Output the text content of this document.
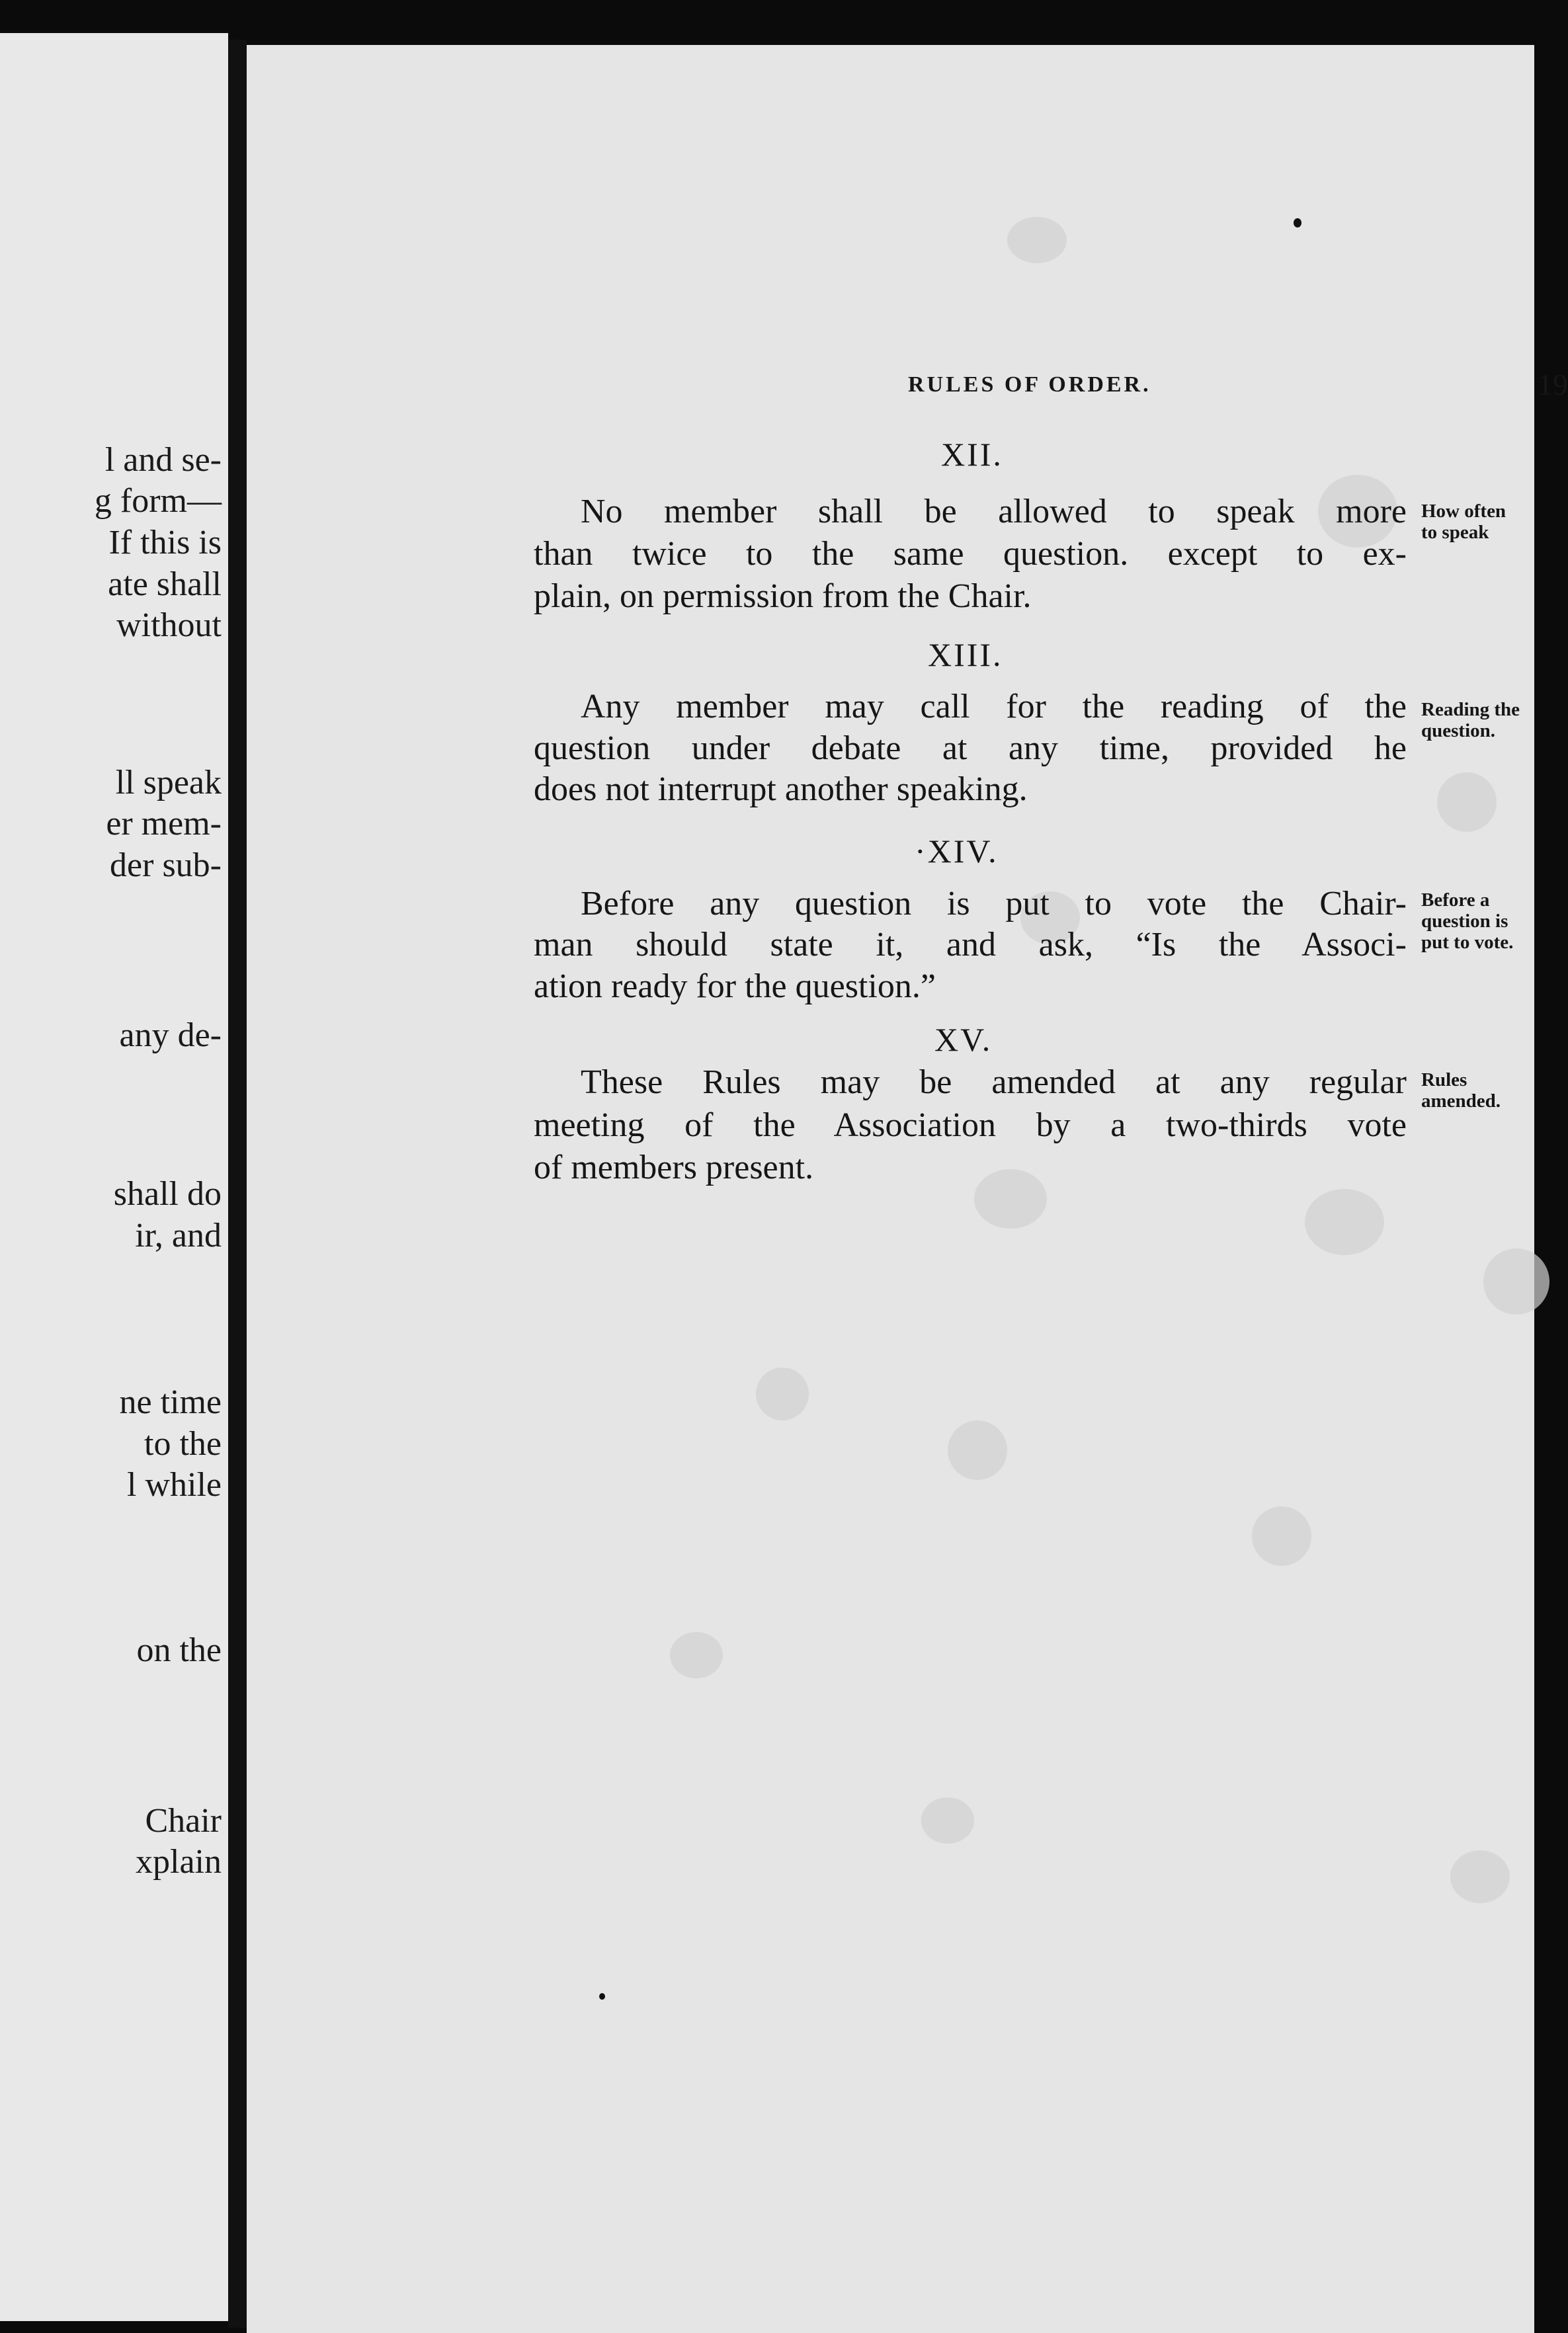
l and se-
g form—
If this is
ate shall
without
ll speak
er mem-
der sub-
any de-
shall do
ir, and
ne time
to the
l while
on the
Chair
xplain
RULES OF ORDER.	19
XII.
No member shall be allowed to speak more
than twice to the same question. except to ex-
plain, on permission from the Chair.
How often
to speak
XIII.
Any member may call for the reading of the
question under debate at any time, provided he
does not interrupt another speaking.
Reading the
question.
·XIV.
Before any question is put to vote the Chair-
man should state it, and ask, “Is the Associ-
ation ready for the question.”
Before a
question is
put to vote.
XV.
These Rules may be amended at any regular
meeting of the Association by a two-thirds vote
of members present.
Rules
amended.
